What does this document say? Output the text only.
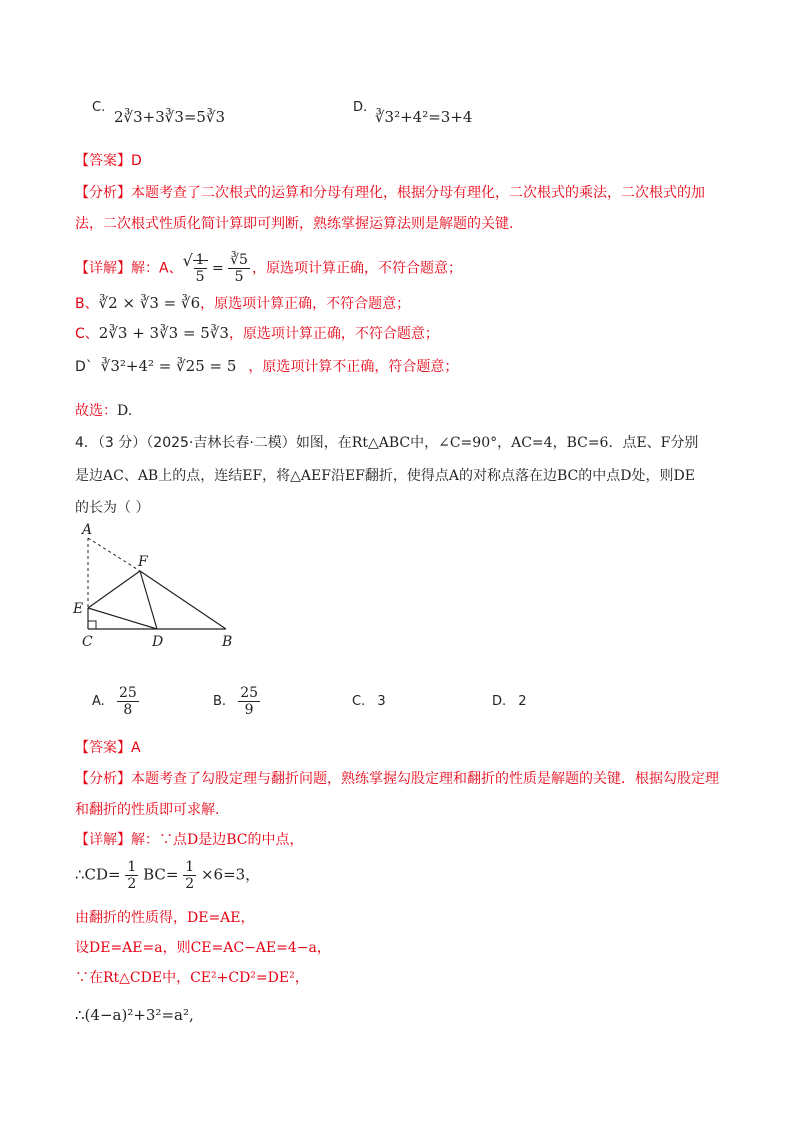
C.
2∛3+3∛3=5∛3
D.
∛3²+4²=3+4
【答案】D
【分析】本题考查了二次根式的运算和分母有理化，根据分母有理化，二次根式的乘法，二次根式的加
法，二次根式性质化简计算即可判断，熟练掌握运算法则是解题的关键.
【详解】解：A、
√ $\frac{1}{5} = \frac{∛5}{5}$ ，原选项计算正确，不符合题意；
B、∛2 × ∛3 = ∛6，原选项计算正确，不符合题意；
C、2∛3 + 3∛3 = 5∛3，原选项计算正确，不符合题意；
D` ∛3²+4² = ∛25 = 5 ，原选项计算不正确，符合题意；
故选：D.
4．（3 分）（2025·吉林长春·二模）如图，在Rt△ABC中，∠C=90°，AC=4，BC=6．点E、F分别
是边AC、AB上的点，连结EF，将△AEF沿EF翻折，使得点A的对称点落在边BC的中点D处，则DE
的长为（ ）
A
F
E
C	D	B
A. $\frac{25}{8}$	B. $\frac{25}{9}$	C. 3	D. 2
【答案】A
【分析】本题考查了勾股定理与翻折问题，熟练掌握勾股定理和翻折的性质是解题的关键．根据勾股定理
和翻折的性质即可求解.
【详解】解：∵点D是边BC的中点，
∴CD= $\frac{1}{2} BC= \frac{1}{2} \times 6=3$，
由翻折的性质得，DE=AE，
设DE=AE=a，则CE=AC−AE=4−a，
∵在Rt△CDE中，CE²+CD²=DE²，
∴(4−a)²+3²=a²,
